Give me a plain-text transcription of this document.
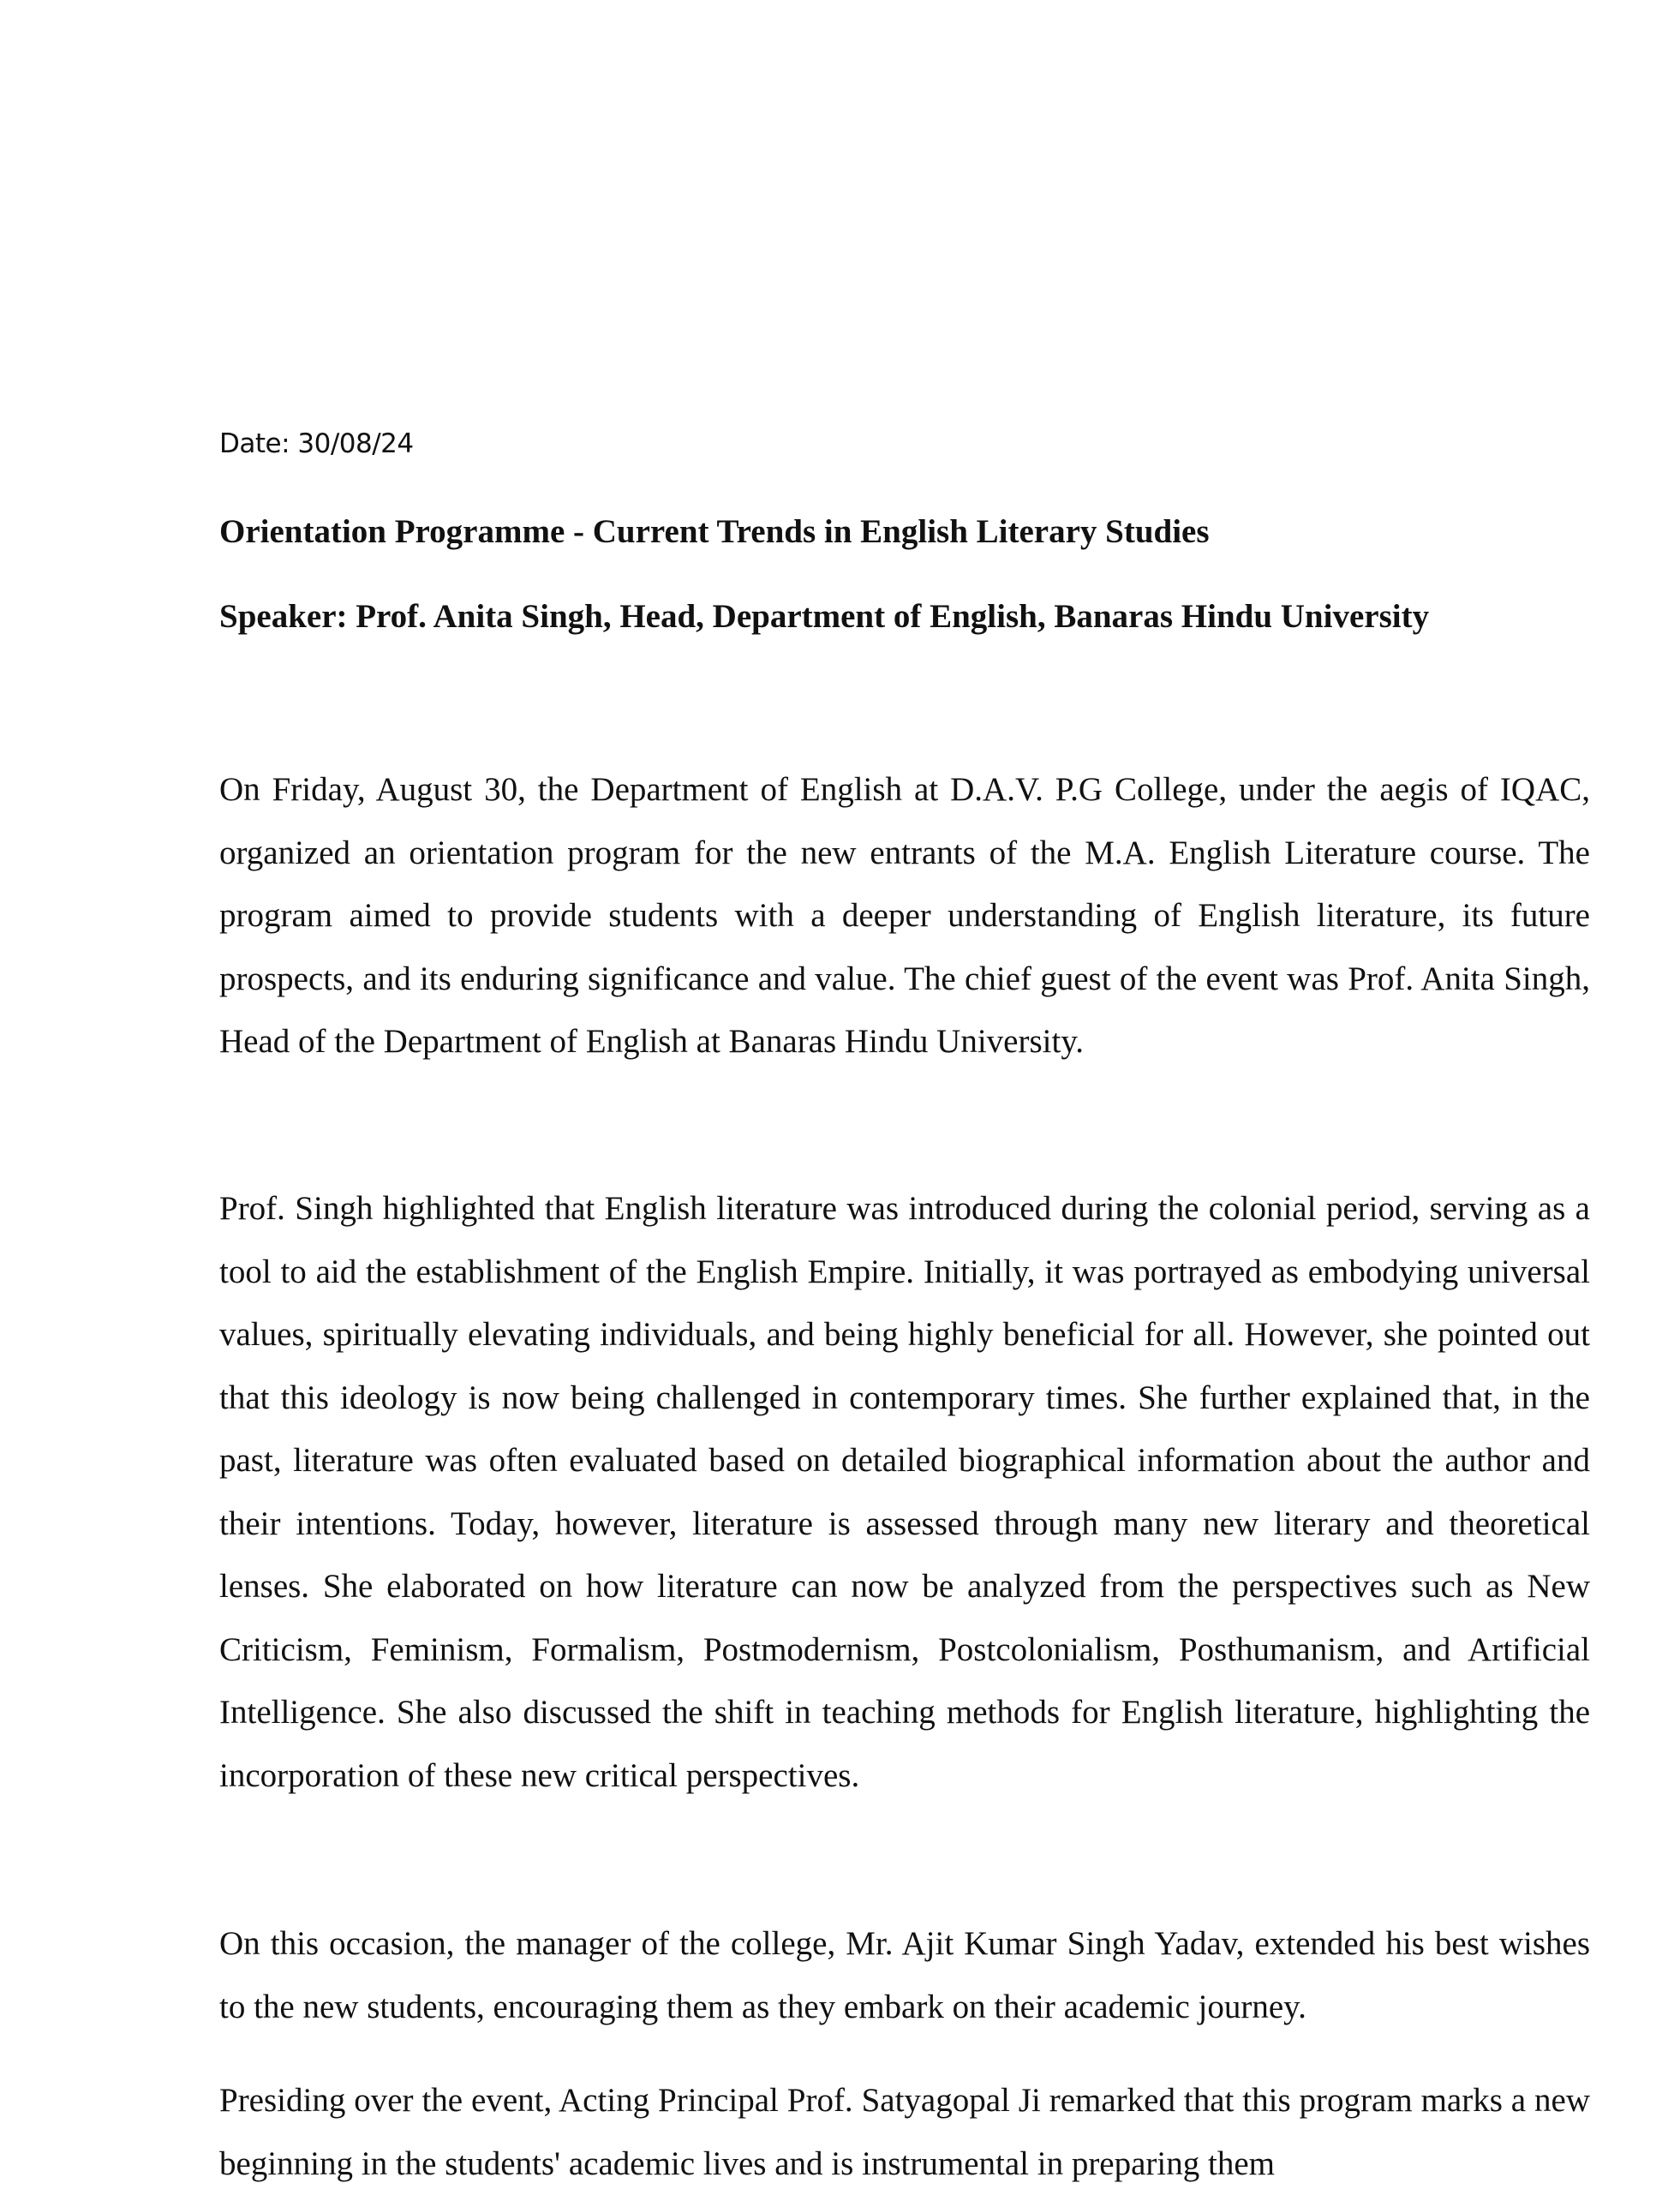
Date: 30/08/24
Orientation Programme - Current Trends in English Literary Studies
Speaker: Prof. Anita Singh, Head, Department of English, Banaras Hindu University

On Friday, August 30, the Department of English at D.A.V. P.G College, under the aegis of IQAC, organized an orientation program for the new entrants of the M.A. English Literature course. The program aimed to provide students with a deeper understanding of English literature, its future prospects, and its enduring significance and value. The chief guest of the event was Prof. Anita Singh, Head of the Department of English at Banaras Hindu University.

Prof. Singh highlighted that English literature was introduced during the colonial period, serving as a tool to aid the establishment of the English Empire. Initially, it was portrayed as embodying universal values, spiritually elevating individuals, and being highly beneficial for all. However, she pointed out that this ideology is now being challenged in contemporary times. She further explained that, in the past, literature was often evaluated based on detailed biographical information about the author and their intentions. Today, however, literature is assessed through many new literary and theoretical lenses. She elaborated on how literature can now be analyzed from the perspectives such as New Criticism, Feminism, Formalism, Postmodernism, Postcolonialism, Posthumanism, and Artificial Intelligence. She also discussed the shift in teaching methods for English literature, highlighting the incorporation of these new critical perspectives.

On this occasion, the manager of the college, Mr. Ajit Kumar Singh Yadav, extended his best wishes to the new students, encouraging them as they embark on their academic journey.

Presiding over the event, Acting Principal Prof. Satyagopal Ji remarked that this program marks a new beginning in the students' academic lives and is instrumental in preparing them
